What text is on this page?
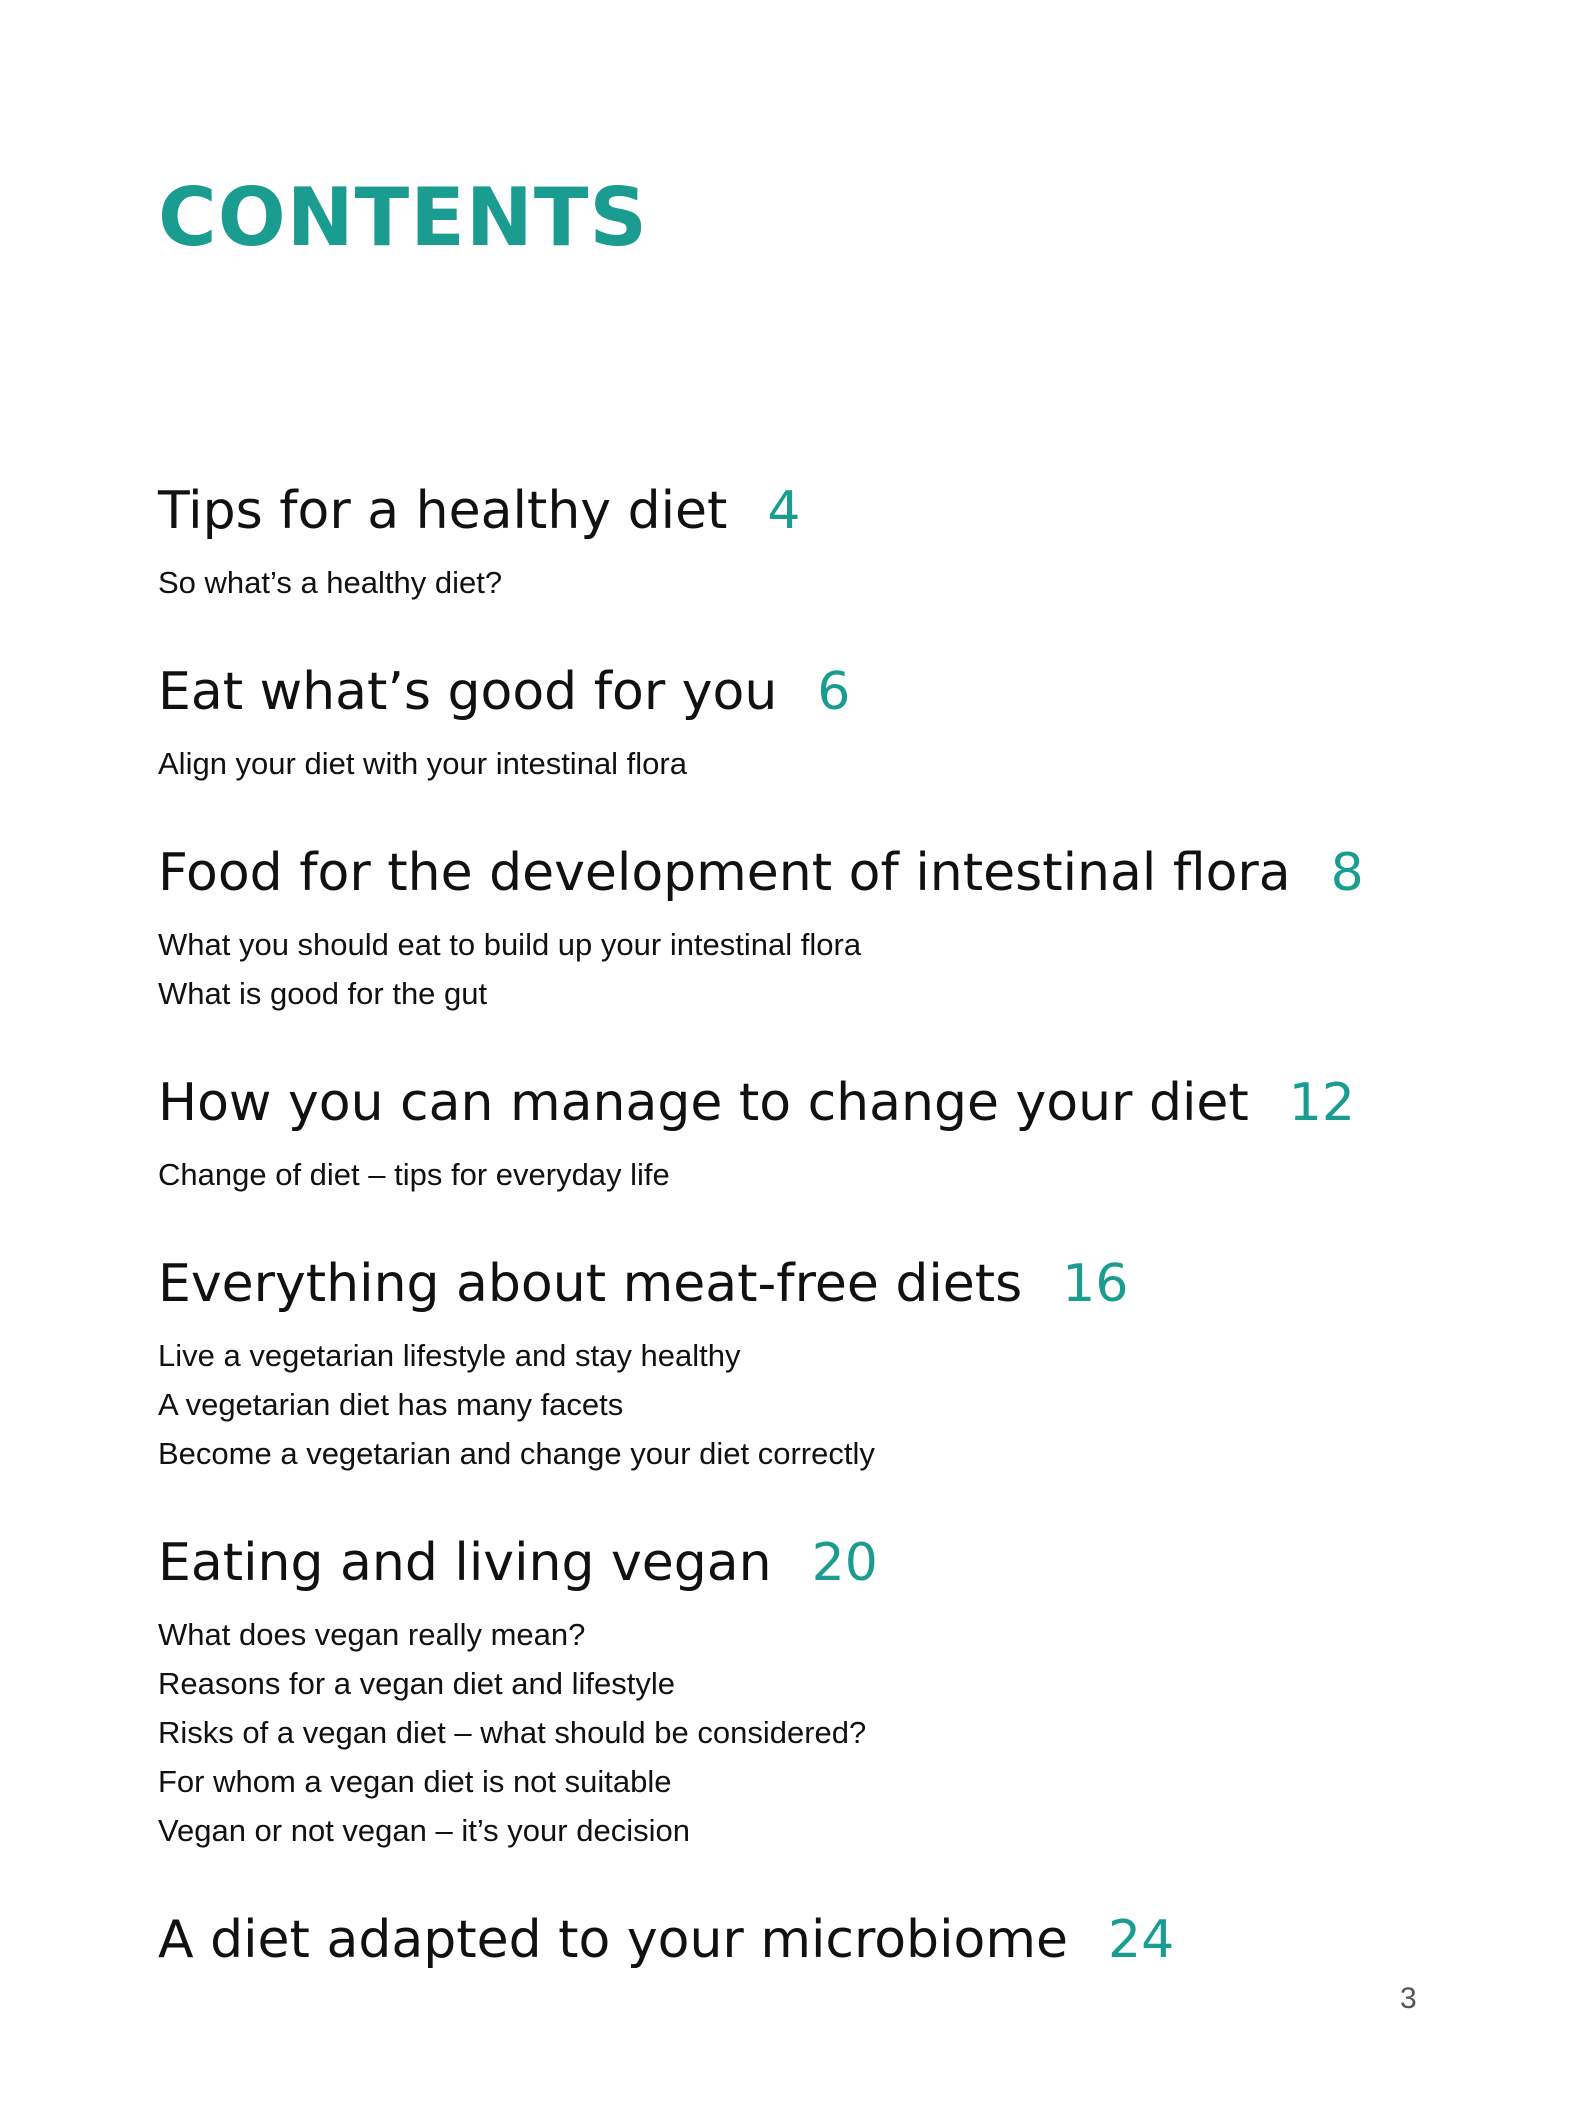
CONTENTS
Tips for a healthy diet 4
So what’s a healthy diet?
Eat what’s good for you 6
Align your diet with your intestinal flora
Food for the development of intestinal flora 8
What you should eat to build up your intestinal flora
What is good for the gut
How you can manage to change your diet 12
Change of diet – tips for everyday life
Everything about meat-free diets 16
Live a vegetarian lifestyle and stay healthy
A vegetarian diet has many facets
Become a vegetarian and change your diet correctly
Eating and living vegan 20
What does vegan really mean?
Reasons for a vegan diet and lifestyle
Risks of a vegan diet – what should be considered?
For whom a vegan diet is not suitable
Vegan or not vegan – it’s your decision
A diet adapted to your microbiome 24
3
